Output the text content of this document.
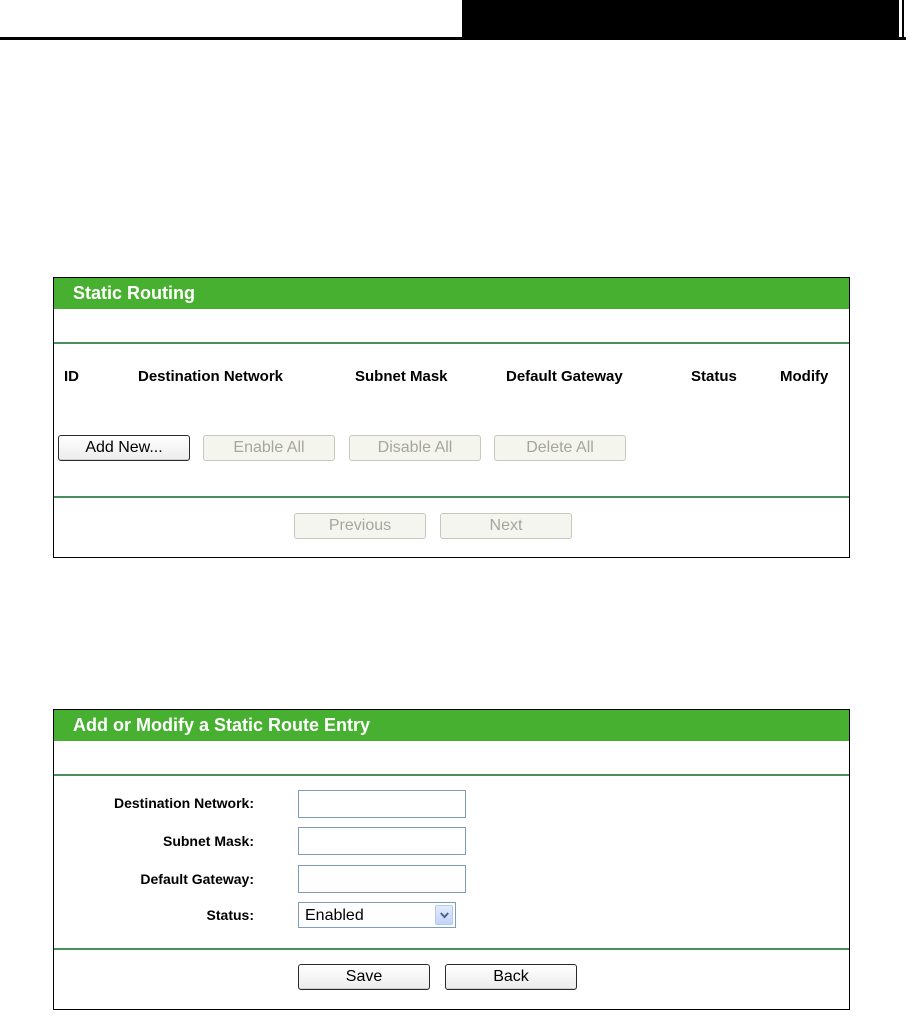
Static Routing
ID	Destination Network	Subnet Mask	Default Gateway	Status	Modify
Add New...	Enable All	Disable All	Delete All
Previous	Next
Add or Modify a Static Route Entry
Destination Network:
Subnet Mask:
Default Gateway:
Status:	Enabled
Save	Back
